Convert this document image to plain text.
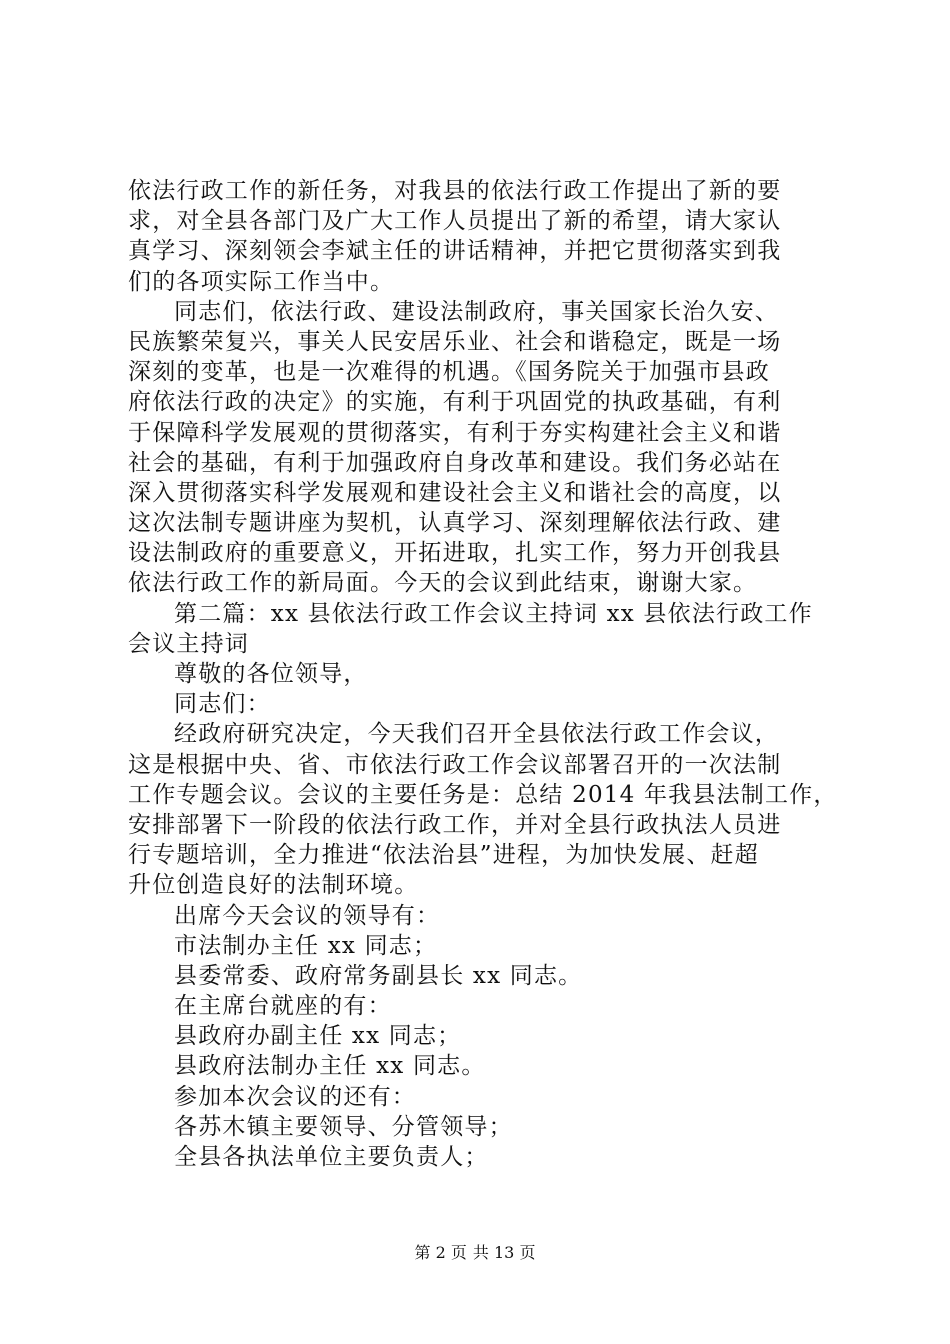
依法行政工作的新任务，对我县的依法行政工作提出了新的要
求，对全县各部门及广大工作人员提出了新的希望，请大家认
真学习、深刻领会李斌主任的讲话精神，并把它贯彻落实到我
们的各项实际工作当中。
同志们，依法行政、建设法制政府，事关国家长治久安、
民族繁荣复兴，事关人民安居乐业、社会和谐稳定，既是一场
深刻的变革，也是一次难得的机遇。《国务院关于加强市县政
府依法行政的决定》的实施，有利于巩固党的执政基础，有利
于保障科学发展观的贯彻落实，有利于夯实构建社会主义和谐
社会的基础，有利于加强政府自身改革和建设。我们务必站在
深入贯彻落实科学发展观和建设社会主义和谐社会的高度，以
这次法制专题讲座为契机，认真学习、深刻理解依法行政、建
设法制政府的重要意义，开拓进取，扎实工作，努力开创我县
依法行政工作的新局面。今天的会议到此结束，谢谢大家。
第二篇：xx 县依法行政工作会议主持词 xx 县依法行政工作
会议主持词
尊敬的各位领导，
同志们：
经政府研究决定，今天我们召开全县依法行政工作会议，
这是根据中央、省、市依法行政工作会议部署召开的一次法制
工作专题会议。会议的主要任务是：总结 2014 年我县法制工作，
安排部署下一阶段的依法行政工作，并对全县行政执法人员进
行专题培训，全力推进“依法治县”进程，为加快发展、赶超
升位创造良好的法制环境。
出席今天会议的领导有：
市法制办主任 xx 同志；
县委常委、政府常务副县长 xx 同志。
在主席台就座的有：
县政府办副主任 xx 同志；
县政府法制办主任 xx 同志。
参加本次会议的还有：
各苏木镇主要领导、分管领导；
全县各执法单位主要负责人；
第 2 页 共 13 页
